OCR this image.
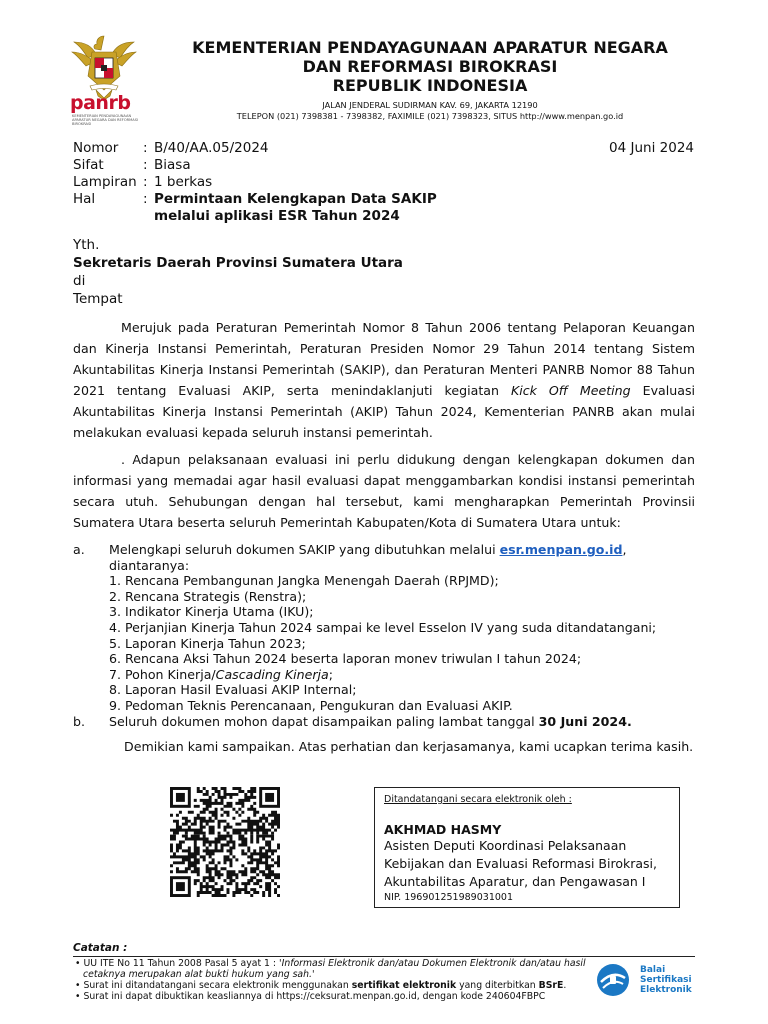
panrb
KEMENTERIAN PENDAYAGUNAAN APARATUR NEGARA DAN REFORMASI BIROKRASI
KEMENTERIAN PENDAYAGUNAAN APARATUR NEGARA
DAN REFORMASI BIROKRASI
REPUBLIK INDONESIA
JALAN JENDERAL SUDIRMAN KAV. 69, JAKARTA 12190
TELEPON (021) 7398381 - 7398382, FAXIMILE (021) 7398323, SITUS http://www.menpan.go.id
Nomor	:	B/40/AA.05/2024
Sifat	:	Biasa
Lampiran	:	1 berkas
Hal	:	Permintaan Kelengkapan Data SAKIP
melalui aplikasi ESR Tahun 2024
04 Juni 2024
Yth.
Sekretaris Daerah Provinsi Sumatera Utara
di
Tempat
Merujuk pada Peraturan Pemerintah Nomor 8 Tahun 2006 tentang Pelaporan Keuangan dan Kinerja Instansi Pemerintah, Peraturan Presiden Nomor 29 Tahun 2014 tentang Sistem Akuntabilitas Kinerja Instansi Pemerintah (SAKIP), dan Peraturan Menteri PANRB Nomor 88 Tahun 2021 tentang Evaluasi AKIP, serta menindaklanjuti kegiatan Kick Off Meeting Evaluasi Akuntabilitas Kinerja Instansi Pemerintah (AKIP) Tahun 2024, Kementerian PANRB akan mulai melakukan evaluasi kepada seluruh instansi pemerintah.
. Adapun pelaksanaan evaluasi ini perlu didukung dengan kelengkapan dokumen dan informasi yang memadai agar hasil evaluasi dapat menggambarkan kondisi instansi pemerintah secara utuh. Sehubungan dengan hal tersebut, kami mengharapkan Pemerintah Provinsii Sumatera Utara beserta seluruh Pemerintah Kabupaten/Kota di Sumatera Utara untuk:
a.	Melengkapi seluruh dokumen SAKIP yang dibutuhkan melalui esr.menpan.go.id,
diantaranya:
1. Rencana Pembangunan Jangka Menengah Daerah (RPJMD);
2. Rencana Strategis (Renstra);
3. Indikator Kinerja Utama (IKU);
4. Perjanjian Kinerja Tahun 2024 sampai ke level Esselon IV yang suda ditandatangani;
5. Laporan Kinerja Tahun 2023;
6. Rencana Aksi Tahun 2024 beserta laporan monev triwulan I tahun 2024;
7. Pohon Kinerja/Cascading Kinerja;
8. Laporan Hasil Evaluasi AKIP Internal;
9. Pedoman Teknis Perencanaan, Pengukuran dan Evaluasi AKIP.
b.	Seluruh dokumen mohon dapat disampaikan paling lambat tanggal 30 Juni 2024.
Demikian kami sampaikan. Atas perhatian dan kerjasamanya, kami ucapkan terima kasih.
Ditandatangani secara elektronik oleh :
AKHMAD HASMY
Asisten Deputi Koordinasi Pelaksanaan
Kebijakan dan Evaluasi Reformasi Birokrasi,
Akuntabilitas Aparatur, dan Pengawasan I
NIP. 196901251989031001
Catatan :
• UU ITE No 11 Tahun 2008 Pasal 5 ayat 1 : 'Informasi Elektronik dan/atau Dokumen Elektronik dan/atau hasil cetaknya merupakan alat bukti hukum yang sah.'
• Surat ini ditandatangani secara elektronik menggunakan sertifikat elektronik yang diterbitkan BSrE.
• Surat ini dapat dibuktikan keasliannya di https://ceksurat.menpan.go.id, dengan kode 240604FBPC
Balai
Sertifikasi
Elektronik
